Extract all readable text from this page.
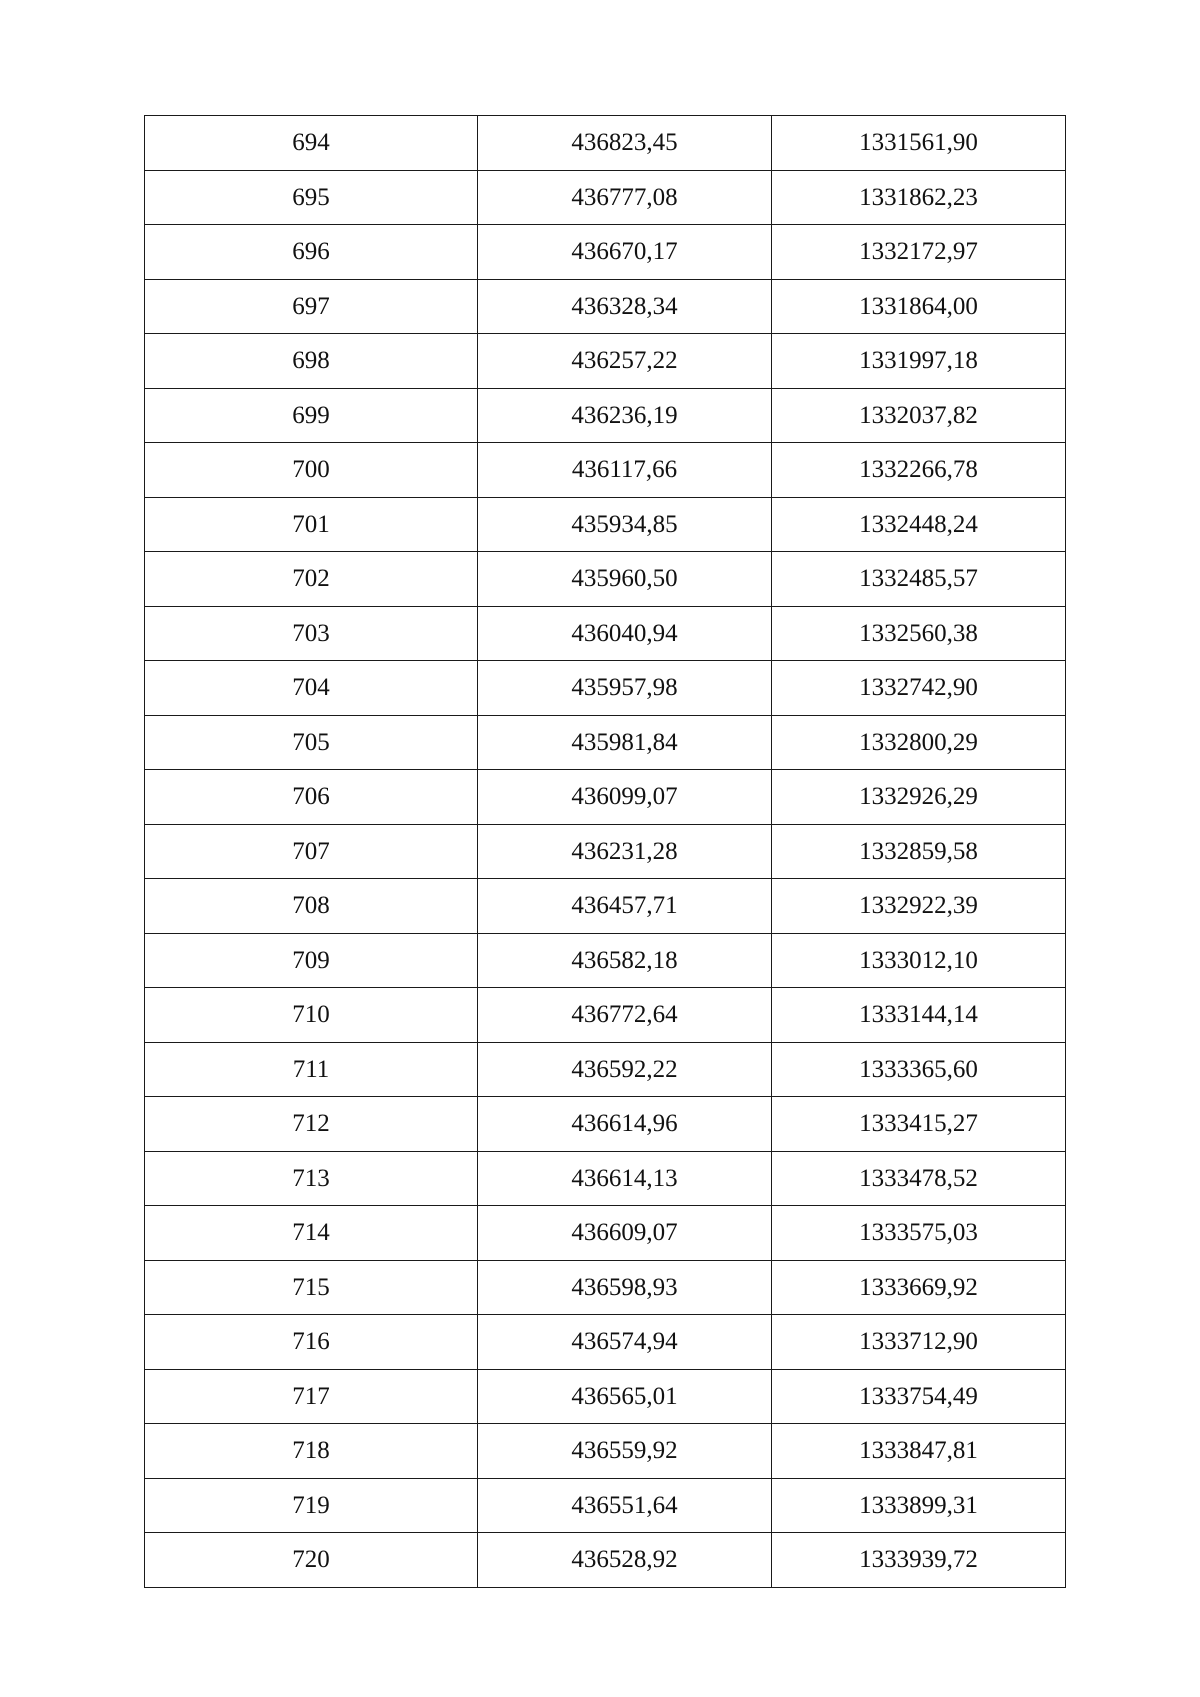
694	436823,45	1331561,90
695	436777,08	1331862,23
696	436670,17	1332172,97
697	436328,34	1331864,00
698	436257,22	1331997,18
699	436236,19	1332037,82
700	436117,66	1332266,78
701	435934,85	1332448,24
702	435960,50	1332485,57
703	436040,94	1332560,38
704	435957,98	1332742,90
705	435981,84	1332800,29
706	436099,07	1332926,29
707	436231,28	1332859,58
708	436457,71	1332922,39
709	436582,18	1333012,10
710	436772,64	1333144,14
711	436592,22	1333365,60
712	436614,96	1333415,27
713	436614,13	1333478,52
714	436609,07	1333575,03
715	436598,93	1333669,92
716	436574,94	1333712,90
717	436565,01	1333754,49
718	436559,92	1333847,81
719	436551,64	1333899,31
720	436528,92	1333939,72
